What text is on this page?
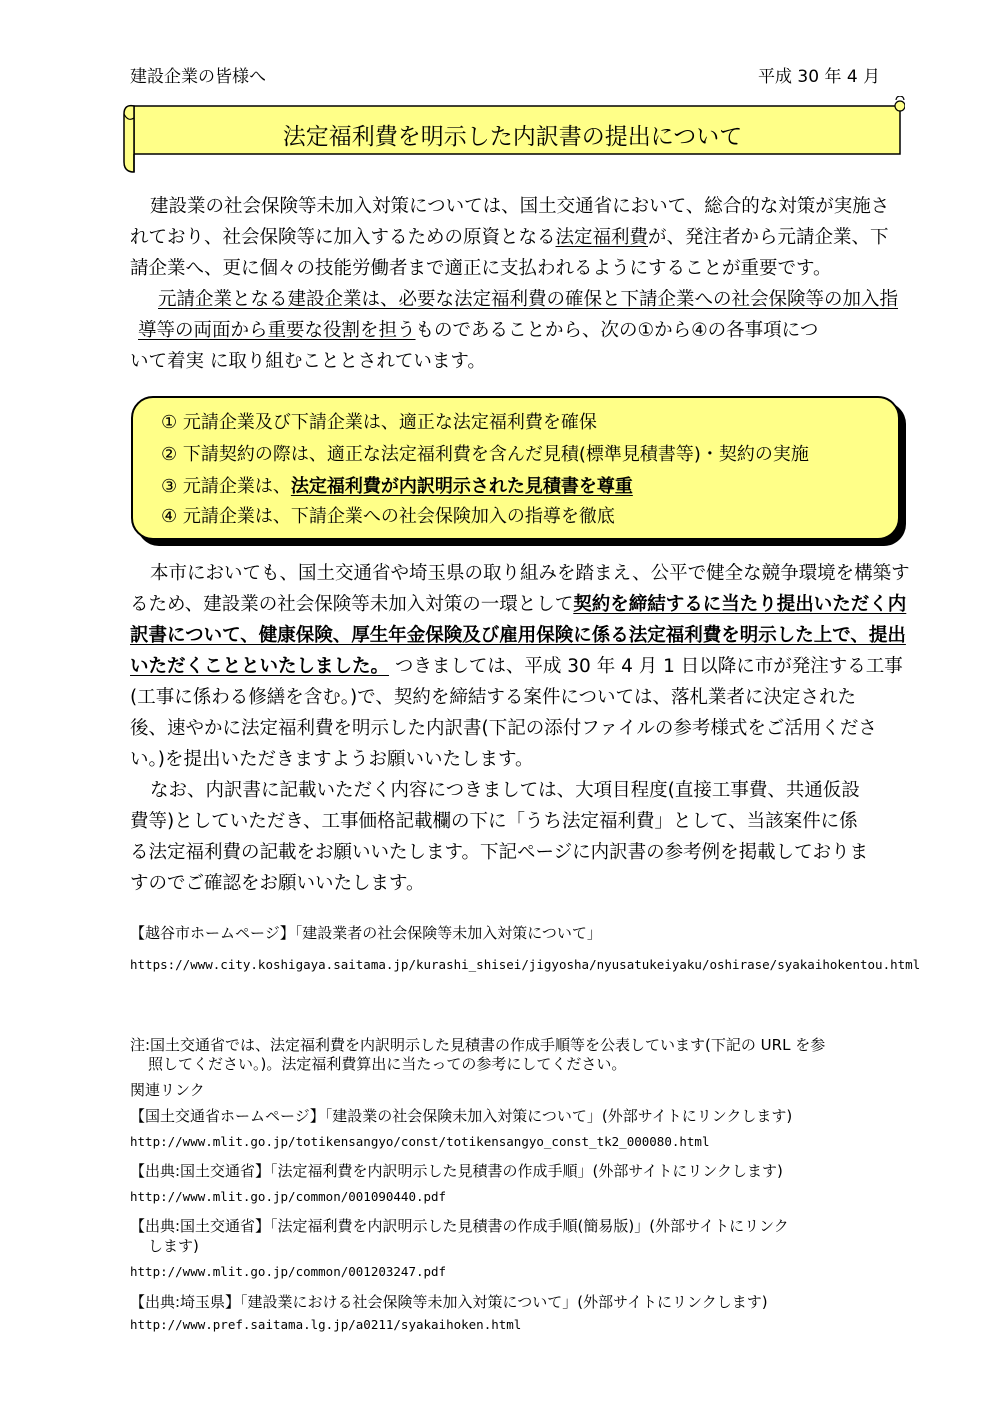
建設企業の皆様へ	平成 30 年 4 月
法定福利費を明示した内訳書の提出について
建設業の社会保険等未加入対策については、国土交通省において、総合的な対策が実施さ
れており、社会保険等に加入するための原資となる法定福利費が、発注者から元請企業、下
請企業へ、更に個々の技能労働者まで適正に支払われるようにすることが重要です。
元請企業となる建設企業は、必要な法定福利費の確保と下請企業への社会保険等の加入指
導等の両面から重要な役割を担うものであることから、次の①から④の各事項につ
いて着実 に取り組むこととされています。
① 元請企業及び下請企業は、適正な法定福利費を確保
② 下請契約の際は、適正な法定福利費を含んだ見積(標準見積書等)・契約の実施
③ 元請企業は、法定福利費が内訳明示された見積書を尊重
④ 元請企業は、下請企業への社会保険加入の指導を徹底
本市においても、国土交通省や埼玉県の取り組みを踏まえ、公平で健全な競争環境を構築す
るため、建設業の社会保険等未加入対策の一環として契約を締結するに当たり提出いただく内
訳書について、健康保険、厚生年金保険及び雇用保険に係る法定福利費を明示した上で、提出
いただくことといたしました。 つきましては、平成 30 年 4 月 1 日以降に市が発注する工事
(工事に係わる修繕を含む。)で、契約を締結する案件については、落札業者に決定された
後、速やかに法定福利費を明示した内訳書(下記の添付ファイルの参考様式をご活用くださ
い。)を提出いただきますようお願いいたします。
なお、内訳書に記載いただく内容につきましては、大項目程度(直接工事費、共通仮設
費等)としていただき、工事価格記載欄の下に「うち法定福利費」として、当該案件に係
る法定福利費の記載をお願いいたします。下記ページに内訳書の参考例を掲載しておりま
すのでご確認をお願いいたします。
【越谷市ホームページ】「建設業者の社会保険等未加入対策について」
https://www.city.koshigaya.saitama.jp/kurashi_shisei/jigyosha/nyusatukeiyaku/oshirase/syakaihokentou.html
注:国土交通省では、法定福利費を内訳明示した見積書の作成手順等を公表しています(下記の URL を参
照してください。)。法定福利費算出に当たっての参考にしてください。
関連リンク
【国土交通省ホームページ】「建設業の社会保険未加入対策について」(外部サイトにリンクします)
http://www.mlit.go.jp/totikensangyo/const/totikensangyo_const_tk2_000080.html
【出典:国土交通省】「法定福利費を内訳明示した見積書の作成手順」(外部サイトにリンクします)
http://www.mlit.go.jp/common/001090440.pdf
【出典:国土交通省】「法定福利費を内訳明示した見積書の作成手順(簡易版)」(外部サイトにリンク
します)
http://www.mlit.go.jp/common/001203247.pdf
【出典:埼玉県】「建設業における社会保険等未加入対策について」(外部サイトにリンクします)
http://www.pref.saitama.lg.jp/a0211/syakaihoken.html
